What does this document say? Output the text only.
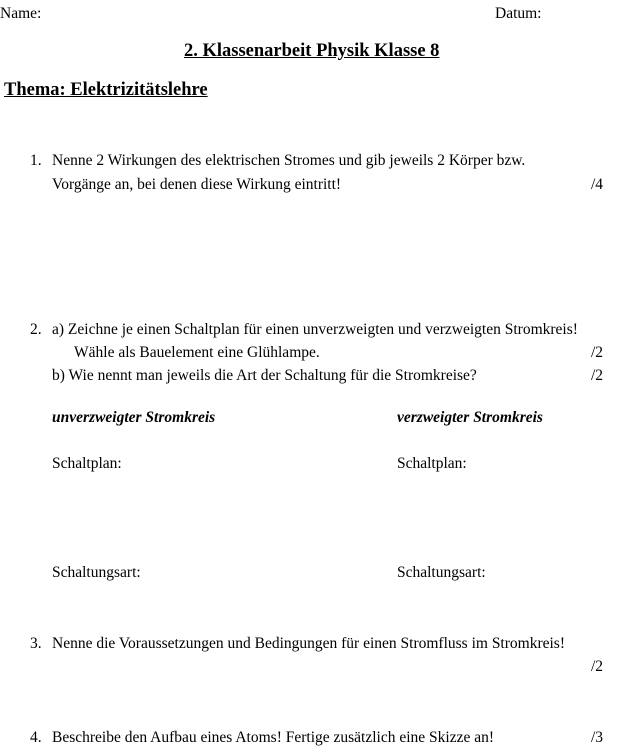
Name:	Datum:
2. Klassenarbeit Physik Klasse 8
Thema: Elektrizitätslehre
1. Nenne 2 Wirkungen des elektrischen Stromes und gib jeweils 2 Körper bzw.
Vorgänge an, bei denen diese Wirkung eintritt!	/4
2. a) Zeichne je einen Schaltplan für einen unverzweigten und verzweigten Stromkreis!
Wähle als Bauelement eine Glühlampe.	/2
b) Wie nennt man jeweils die Art der Schaltung für die Stromkreise?	/2
unverzweigter Stromkreis	verzweigter Stromkreis
Schaltplan:	Schaltplan:
Schaltungsart:	Schaltungsart:
3. Nenne die Voraussetzungen und Bedingungen für einen Stromfluss im Stromkreis!
/2
4. Beschreibe den Aufbau eines Atoms! Fertige zusätzlich eine Skizze an!	/3
